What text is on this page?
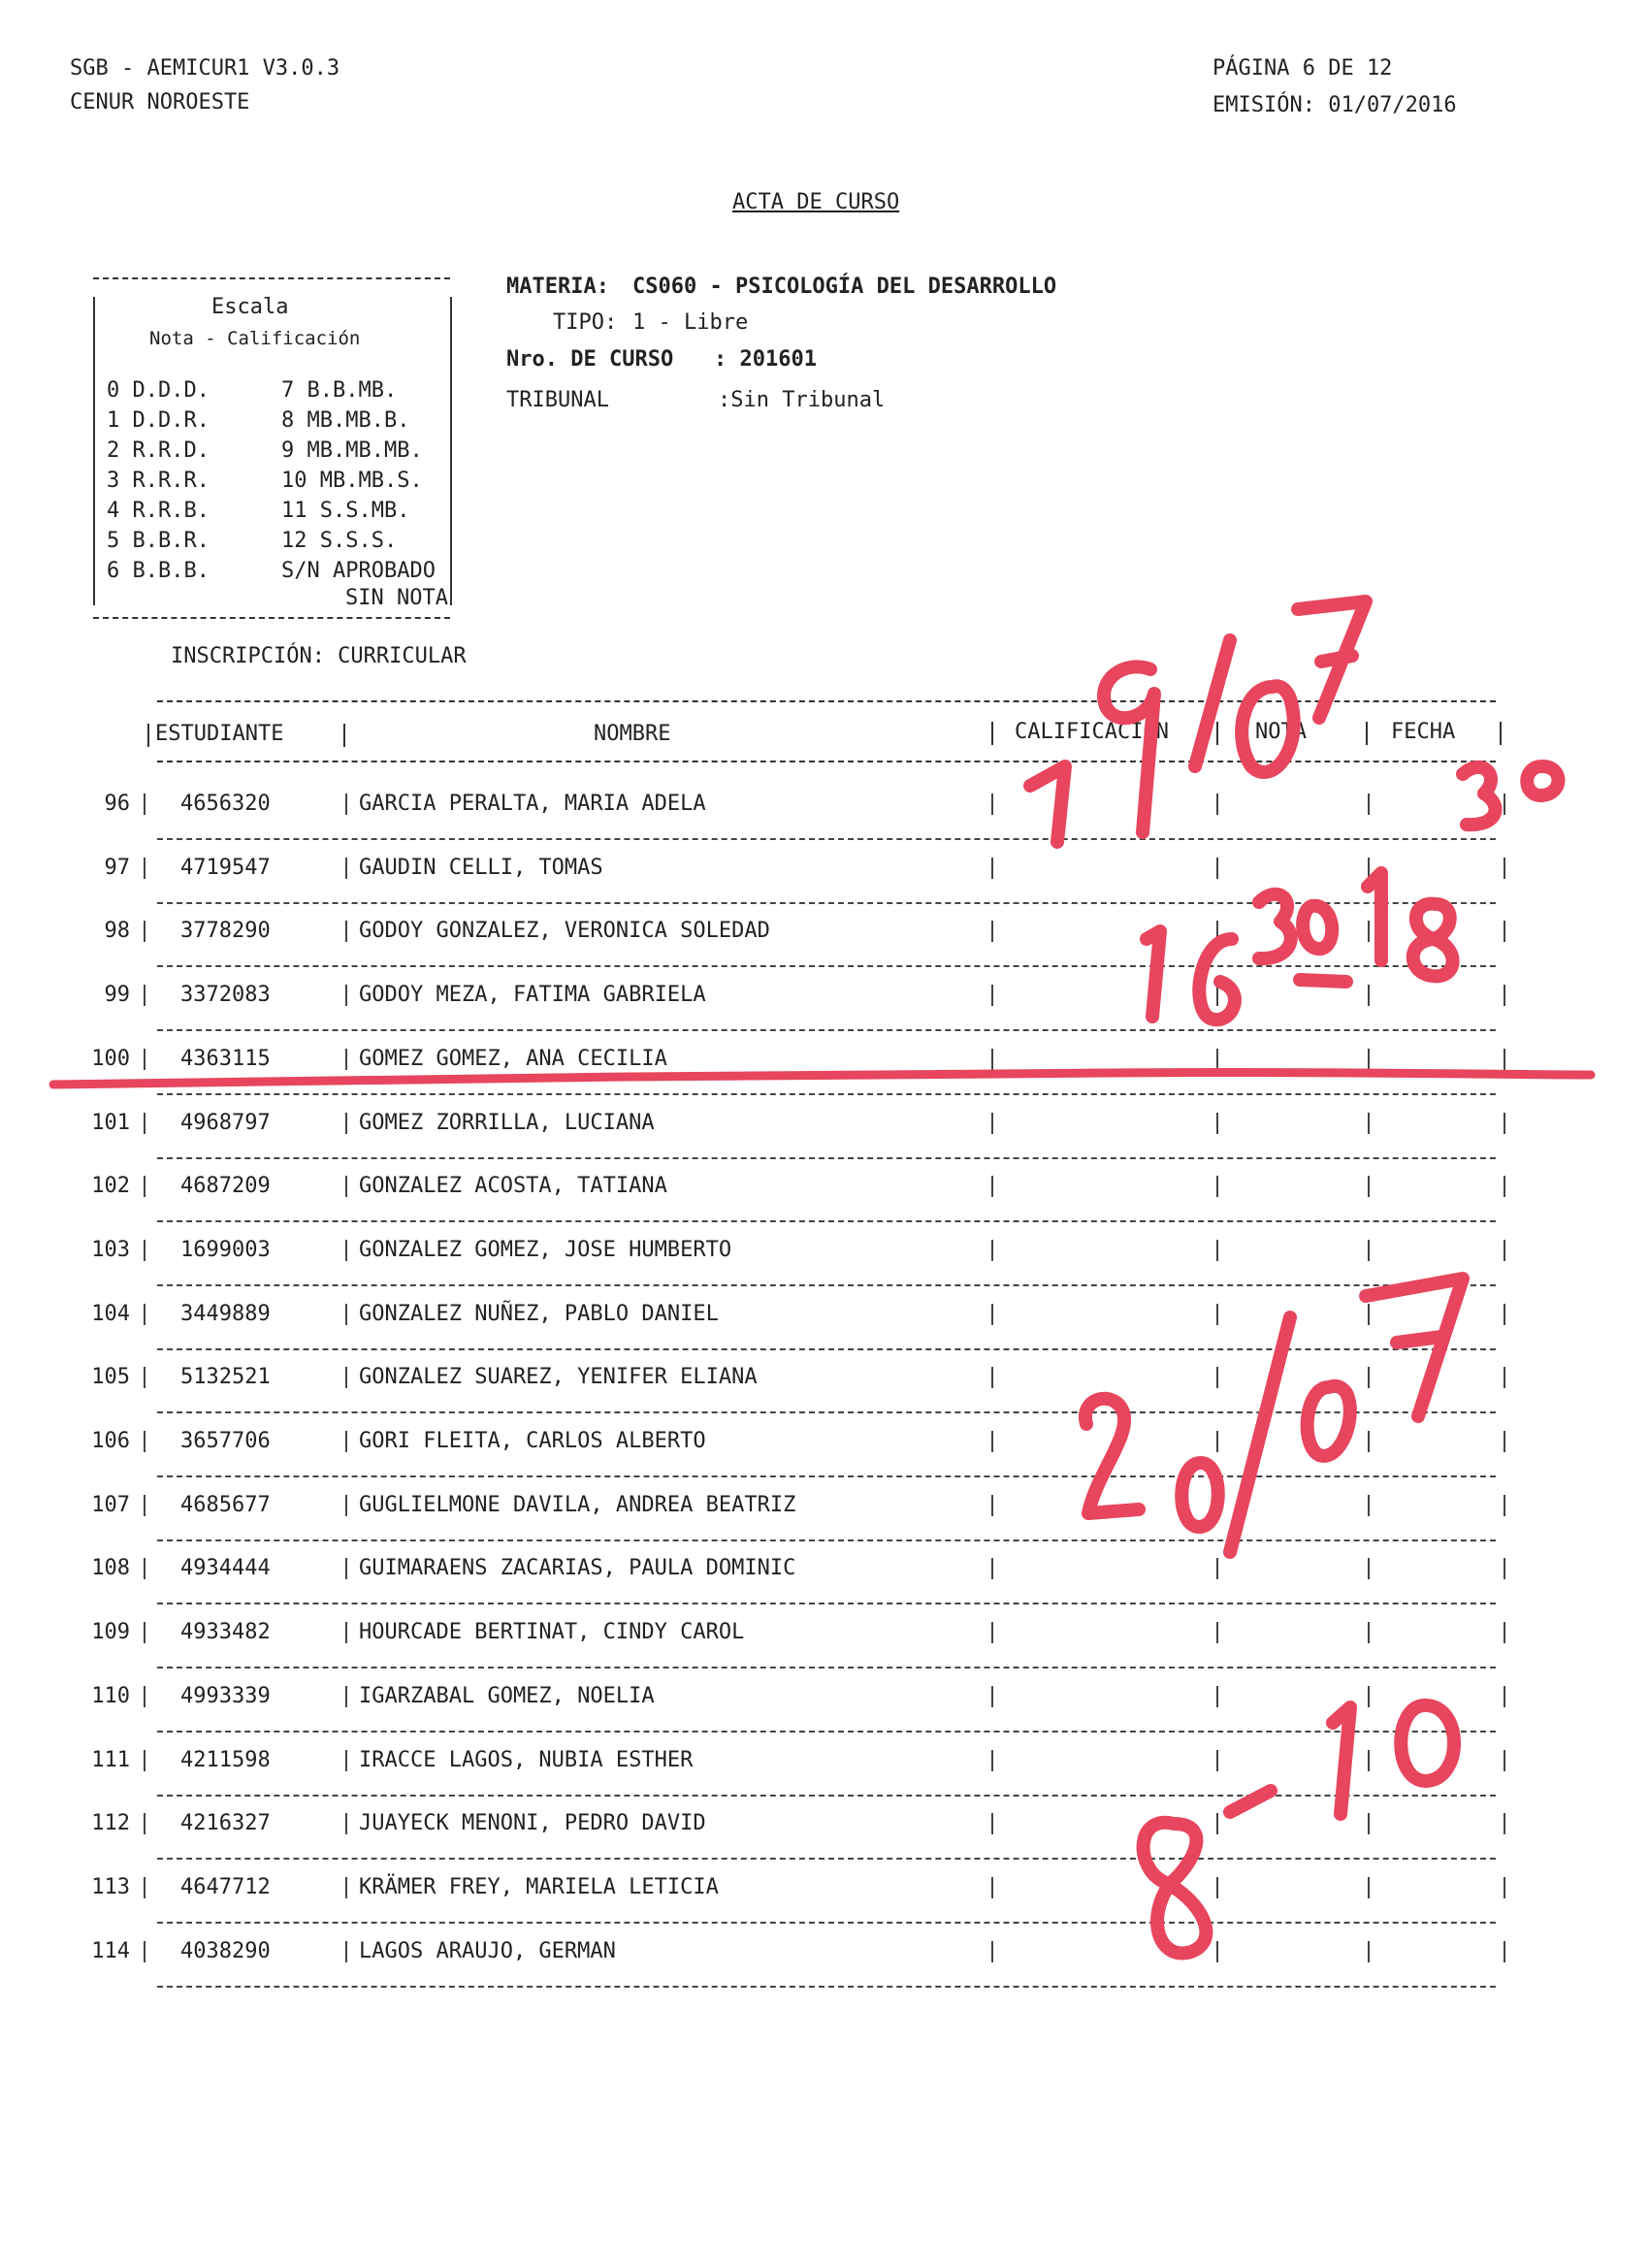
SGB - AEMICUR1 V3.0.3
CENUR NOROESTE
PÁGINA 6 DE 12
EMISIÓN: 01/07/2016
ACTA DE CURSO
Escala
Nota - Calificación
0 D.D.D.	7 B.B.MB.
1 D.D.R.	8 MB.MB.B.
2 R.R.D.	9 MB.MB.MB.
3 R.R.R.	10 MB.MB.S.
4 R.R.B.	11 S.S.MB.
5 B.B.R.	12 S.S.S.
6 B.B.B.	S/N APROBADO
SIN NOTA
MATERIA: CS060 - PSICOLOGÍA DEL DESARROLLO
TIPO: 1 - Libre
Nro. DE CURSO : 201601
TRIBUNAL	:Sin Tribunal
INSCRIPCIÓN: CURRICULAR
ESTUDIANTE	NOMBRE	CALIFICACION	NOTA	FECHA
96 4656320	GARCIA PERALTA, MARIA ADELA
97 4719547	GAUDIN CELLI, TOMAS
98 3778290	GODOY GONZALEZ, VERONICA SOLEDAD
99 3372083	GODOY MEZA, FATIMA GABRIELA
100 4363115	GOMEZ GOMEZ, ANA CECILIA
101 4968797	GOMEZ ZORRILLA, LUCIANA
102 4687209	GONZALEZ ACOSTA, TATIANA
103 1699003	GONZALEZ GOMEZ, JOSE HUMBERTO
104 3449889	GONZALEZ NUÑEZ, PABLO DANIEL
105 5132521	GONZALEZ SUAREZ, YENIFER ELIANA
106 3657706	GORI FLEITA, CARLOS ALBERTO
107 4685677	GUGLIELMONE DAVILA, ANDREA BEATRIZ
108 4934444	GUIMARAENS ZACARIAS, PAULA DOMINIC
109 4933482	HOURCADE BERTINAT, CINDY CAROL
110 4993339	IGARZABAL GOMEZ, NOELIA
111 4211598	IRACCE LAGOS, NUBIA ESTHER
112 4216327	JUAYECK MENONI, PEDRO DAVID
113 4647712	KRÄMER FREY, MARIELA LETICIA
114 4038290	LAGOS ARAUJO, GERMAN
